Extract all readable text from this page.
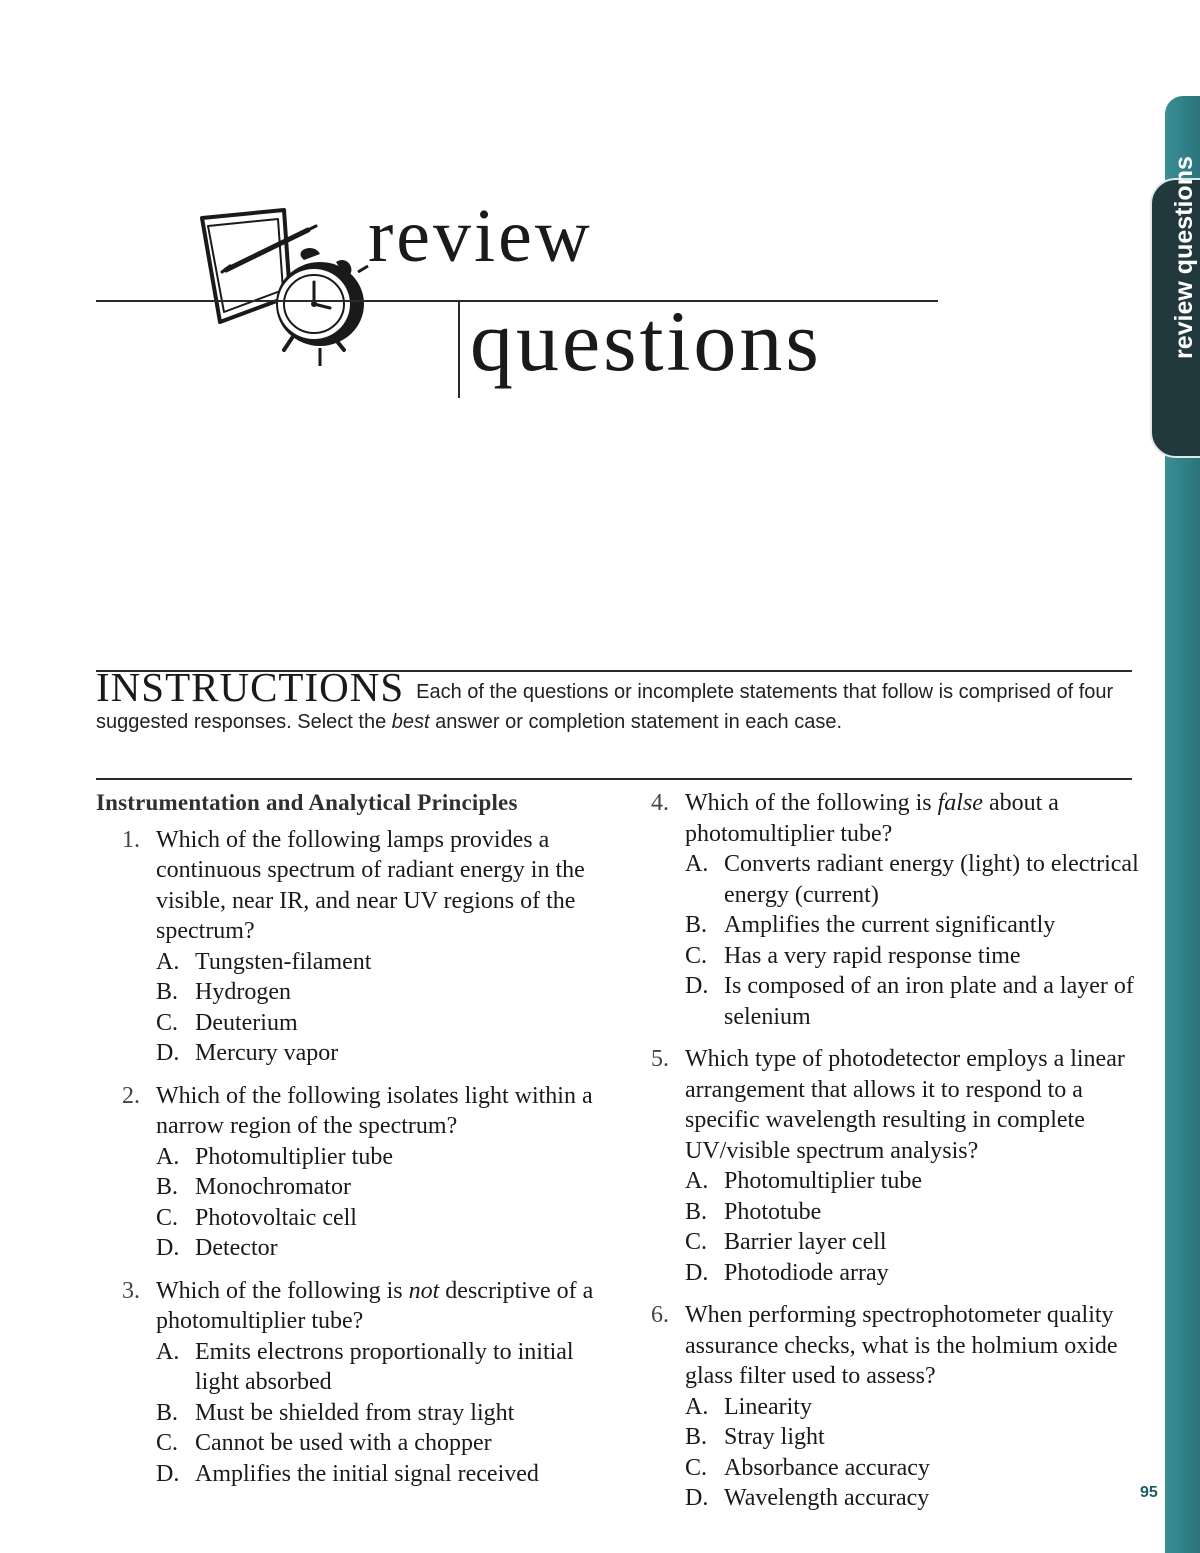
review questions
review
questions
INSTRUCTIONS Each of the questions or incomplete statements that follow is comprised of four suggested responses. Select the best answer or completion statement in each case.
Instrumentation and Analytical Principles
1. Which of the following lamps provides a continuous spectrum of radiant energy in the visible, near IR, and near UV regions of the spectrum?

A. Tungsten-filament
B. Hydrogen
C. Deuterium
D. Mercury vapor
2. Which of the following isolates light within a narrow region of the spectrum?

A. Photomultiplier tube
B. Monochromator
C. Photovoltaic cell
D. Detector
3. Which of the following is not descriptive of a photomultiplier tube?

A. Emits electrons proportionally to initial light absorbed
B. Must be shielded from stray light
C. Cannot be used with a chopper
D. Amplifies the initial signal received
4. Which of the following is false about a photomultiplier tube?

A. Converts radiant energy (light) to electrical energy (current)
B. Amplifies the current significantly
C. Has a very rapid response time
D. Is composed of an iron plate and a layer of selenium
5. Which type of photodetector employs a linear arrangement that allows it to respond to a specific wavelength resulting in complete UV/visible spectrum analysis?

A. Photomultiplier tube
B. Phototube
C. Barrier layer cell
D. Photodiode array
6. When performing spectrophotometer quality assurance checks, what is the holmium oxide glass filter used to assess?

A. Linearity
B. Stray light
C. Absorbance accuracy
D. Wavelength accuracy	95
